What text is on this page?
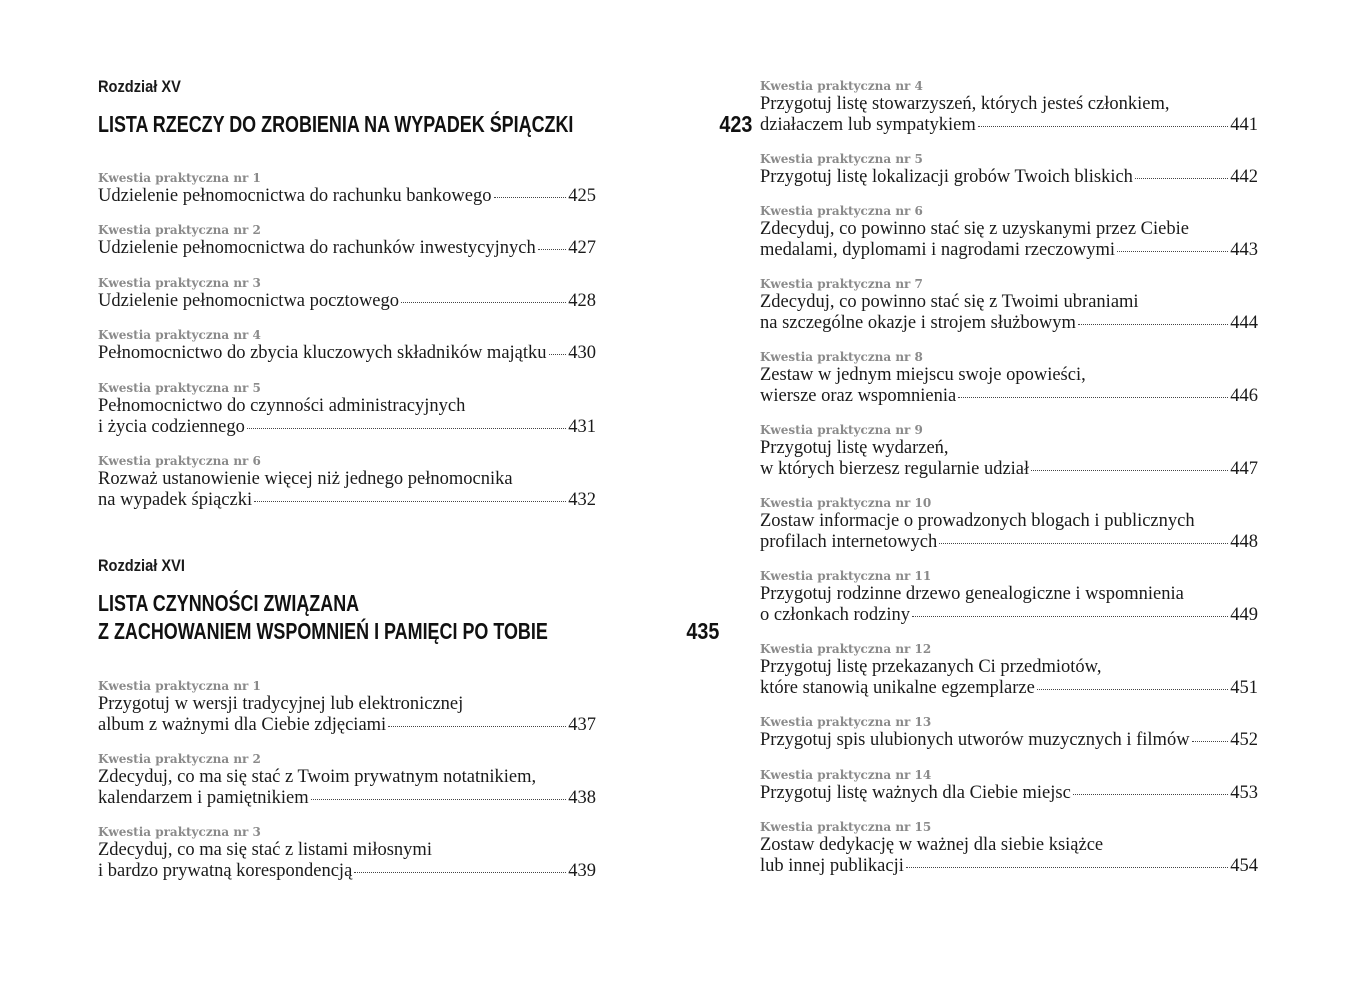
Rozdział XV
LISTA RZECZY DO ZROBIENIA NA WYPADEK ŚPIĄCZKI	423
Kwestia praktyczna nr 1
Udzielenie pełnomocnictwa do rachunku bankowego	425
Kwestia praktyczna nr 2
Udzielenie pełnomocnictwa do rachunków inwestycyjnych 427
Kwestia praktyczna nr 3
Udzielenie pełnomocnictwa pocztowego	428
Kwestia praktyczna nr 4
Pełnomocnictwo do zbycia kluczowych składników majątku 430
Kwestia praktyczna nr 5
Pełnomocnictwo do czynności administracyjnych
i życia codziennego	431
Kwestia praktyczna nr 6
Rozważ ustanowienie więcej niż jednego pełnomocnika
na wypadek śpiączki	432
Rozdział XVI
LISTA CZYNNOŚCI ZWIĄZANA
Z ZACHOWANIEM WSPOMNIEŃ I PAMIĘCI PO TOBIE	435
Kwestia praktyczna nr 1
Przygotuj w wersji tradycyjnej lub elektronicznej
album z ważnymi dla Ciebie zdjęciami	437
Kwestia praktyczna nr 2
Zdecyduj, co ma się stać z Twoim prywatnym notatnikiem,
kalendarzem i pamiętnikiem	438
Kwestia praktyczna nr 3
Zdecyduj, co ma się stać z listami miłosnymi
i bardzo prywatną korespondencją	439
Kwestia praktyczna nr 4
Przygotuj listę stowarzyszeń, których jesteś członkiem,
działaczem lub sympatykiem	441
Kwestia praktyczna nr 5
Przygotuj listę lokalizacji grobów Twoich bliskich	442
Kwestia praktyczna nr 6
Zdecyduj, co powinno stać się z uzyskanymi przez Ciebie
medalami, dyplomami i nagrodami rzeczowymi	443
Kwestia praktyczna nr 7
Zdecyduj, co powinno stać się z Twoimi ubraniami
na szczególne okazje i strojem służbowym	444
Kwestia praktyczna nr 8
Zestaw w jednym miejscu swoje opowieści,
wiersze oraz wspomnienia	446
Kwestia praktyczna nr 9
Przygotuj listę wydarzeń,
w których bierzesz regularnie udział	447
Kwestia praktyczna nr 10
Zostaw informacje o prowadzonych blogach i publicznych
profilach internetowych	448
Kwestia praktyczna nr 11
Przygotuj rodzinne drzewo genealogiczne i wspomnienia
o członkach rodziny	449
Kwestia praktyczna nr 12
Przygotuj listę przekazanych Ci przedmiotów,
które stanowią unikalne egzemplarze	451
Kwestia praktyczna nr 13
Przygotuj spis ulubionych utworów muzycznych i filmów 452
Kwestia praktyczna nr 14
Przygotuj listę ważnych dla Ciebie miejsc	453
Kwestia praktyczna nr 15
Zostaw dedykację w ważnej dla siebie książce
lub innej publikacji	454
